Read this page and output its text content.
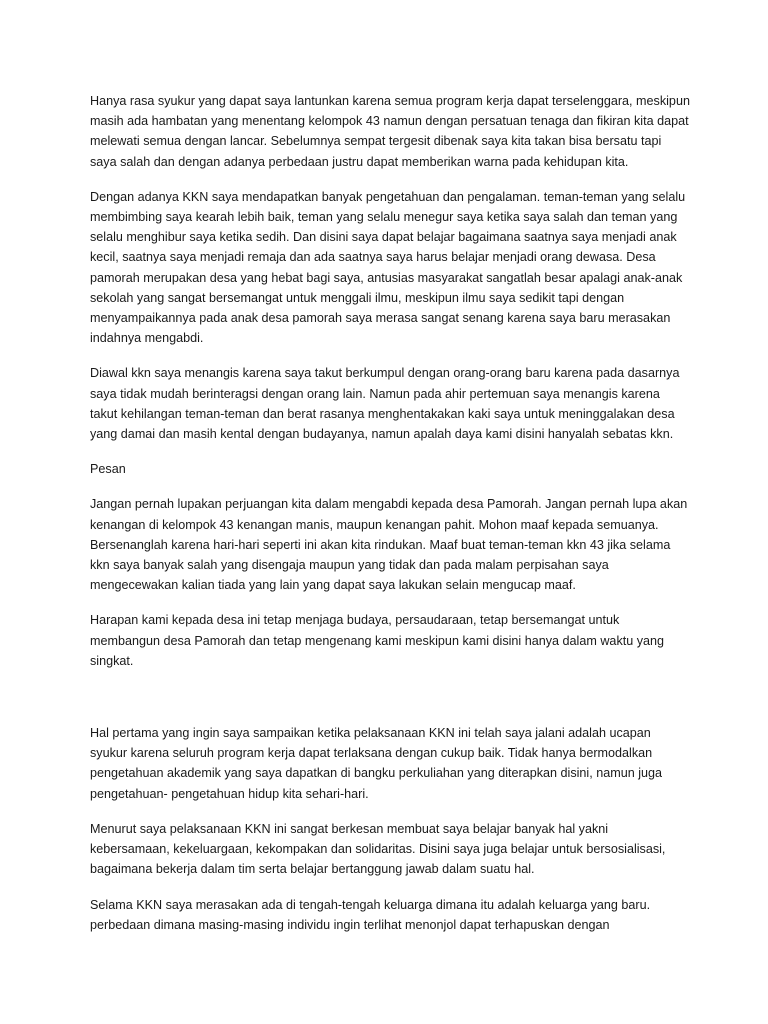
Hanya rasa syukur yang dapat saya lantunkan karena semua program kerja dapat terselenggara, meskipun masih ada hambatan yang menentang kelompok 43 namun dengan persatuan tenaga dan fikiran kita dapat melewati semua dengan lancar. Sebelumnya sempat tergesit dibenak saya kita takan bisa bersatu tapi saya salah dan dengan adanya perbedaan justru dapat memberikan warna pada kehidupan kita.

Dengan adanya KKN saya mendapatkan banyak pengetahuan dan pengalaman. teman-teman yang selalu membimbing saya kearah lebih baik, teman yang selalu menegur saya ketika saya salah dan teman yang selalu menghibur saya ketika sedih. Dan disini saya dapat belajar bagaimana saatnya saya menjadi anak kecil, saatnya saya menjadi remaja dan ada saatnya saya harus belajar menjadi orang dewasa. Desa pamorah merupakan desa yang hebat bagi saya, antusias masyarakat sangatlah besar apalagi anak-anak sekolah yang sangat bersemangat untuk menggali ilmu, meskipun ilmu saya sedikit tapi dengan menyampaikannya pada anak desa pamorah saya merasa sangat senang karena saya baru merasakan indahnya mengabdi.

Diawal kkn saya menangis karena saya takut berkumpul dengan orang-orang baru karena pada dasarnya saya tidak mudah berinteragsi dengan orang lain. Namun pada ahir pertemuan saya menangis karena takut kehilangan teman-teman dan berat rasanya menghentakakan kaki saya untuk meninggalakan desa yang damai dan masih kental dengan budayanya, namun apalah daya kami disini hanyalah sebatas kkn.

Pesan

Jangan pernah lupakan perjuangan kita dalam mengabdi kepada desa Pamorah. Jangan pernah lupa akan kenangan di kelompok 43 kenangan manis, maupun kenangan pahit. Mohon maaf kepada semuanya. Bersenanglah karena hari-hari seperti ini akan kita rindukan. Maaf buat teman-teman kkn 43 jika selama kkn saya banyak salah yang disengaja maupun yang tidak dan pada malam perpisahan saya mengecewakan kalian tiada yang lain yang dapat saya lakukan selain mengucap maaf.

Harapan kami kepada desa ini tetap menjaga budaya, persaudaraan, tetap bersemangat untuk membangun desa Pamorah dan tetap mengenang kami meskipun kami disini hanya dalam waktu yang singkat.

Hal pertama yang ingin saya sampaikan ketika pelaksanaan KKN ini telah saya jalani adalah ucapan syukur karena seluruh program kerja dapat terlaksana dengan cukup baik. Tidak hanya bermodalkan pengetahuan akademik yang saya dapatkan di bangku perkuliahan yang diterapkan disini, namun juga pengetahuan- pengetahuan hidup kita sehari-hari.

Menurut saya pelaksanaan KKN ini sangat berkesan membuat saya belajar banyak hal yakni kebersamaan, kekeluargaan, kekompakan dan solidaritas. Disini saya juga belajar untuk bersosialisasi, bagaimana bekerja dalam tim serta belajar bertanggung jawab dalam suatu hal.

Selama KKN saya merasakan ada di tengah-tengah keluarga dimana itu adalah keluarga yang baru. perbedaan dimana masing-masing individu ingin terlihat menonjol dapat terhapuskan dengan
